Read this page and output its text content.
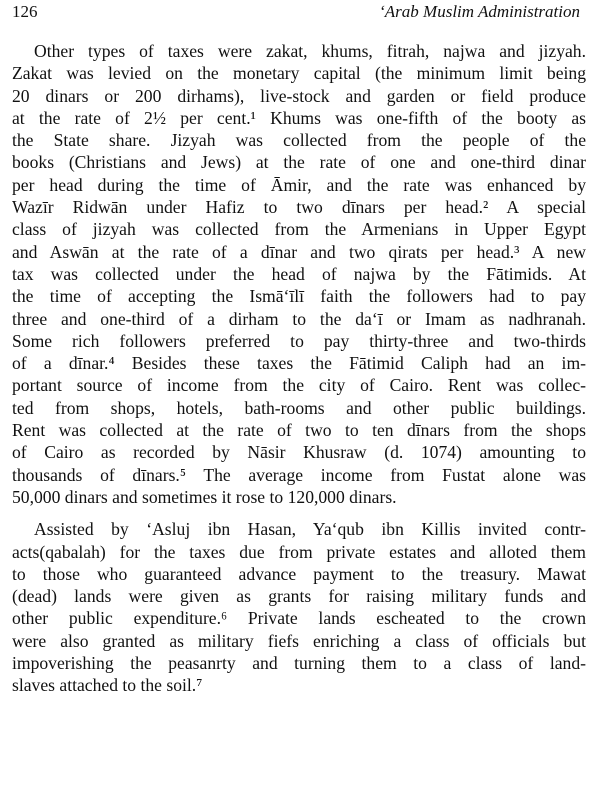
126	‘Arab Muslim Administration

Other types of taxes were zakat, khums, fitrah, najwa and jizyah.
Zakat was levied on the monetary capital (the minimum limit being
20 dinars or 200 dirhams), live-stock and garden or field produce
at the rate of 2½ per cent.¹ Khums was one-fifth of the booty as
the State share. Jizyah was collected from the people of the
books (Christians and Jews) at the rate of one and one-third dinar
per head during the time of Āmir, and the rate was enhanced by
Wazīr Ridwān under Hafiz to two dīnars per head.² A special
class of jizyah was collected from the Armenians in Upper Egypt
and Aswān at the rate of a dīnar and two qirats per head.³ A new
tax was collected under the head of najwa by the Fātimids. At
the time of accepting the Ismā‘īlī faith the followers had to pay
three and one-third of a dirham to the da‘ī or Imam as nadhranah.
Some rich followers preferred to pay thirty-three and two-thirds
of a dīnar.⁴ Besides these taxes the Fātimid Caliph had an im-
portant source of income from the city of Cairo. Rent was collec-
ted from shops, hotels, bath-rooms and other public buildings.
Rent was collected at the rate of two to ten dīnars from the shops
of Cairo as recorded by Nāsir Khusraw (d. 1074) amounting to
thousands of dīnars.⁵ The average income from Fustat alone was
50,000 dinars and sometimes it rose to 120,000 dinars.

Assisted by ‘Asluj ibn Hasan, Ya‘qub ibn Killis invited contr-
acts(qabalah) for the taxes due from private estates and alloted them
to those who guaranteed advance payment to the treasury. Mawat
(dead) lands were given as grants for raising military funds and
other public expenditure.⁶ Private lands escheated to the crown
were also granted as military fiefs enriching a class of officials but
impoverishing the peasanrty and turning them to a class of land-
slaves attached to the soil.⁷
